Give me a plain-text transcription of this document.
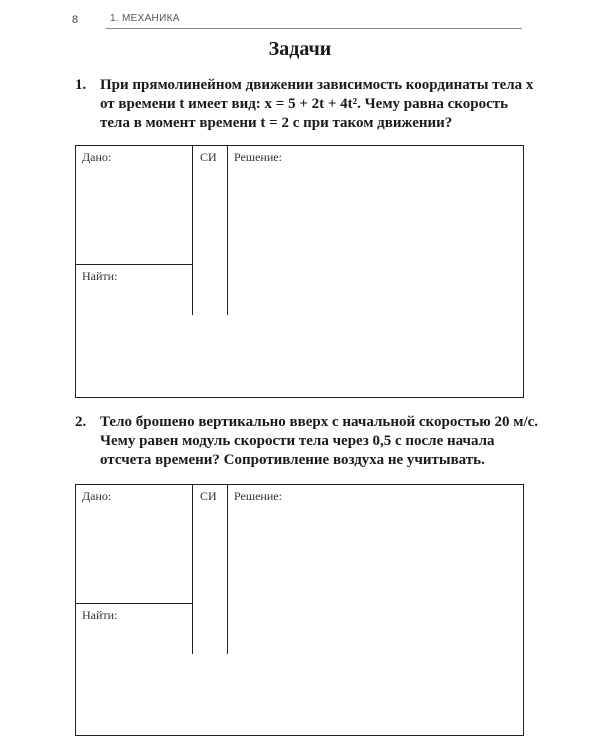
8	1. МЕХАНИКА
Задачи
1. При прямолинейном движении зависимость координаты тела x
от времени t имеет вид: x = 5 + 2t + 4t². Чему равна скорость
тела в момент времени t = 2 с при таком движении?
Дано:	СИ Решение:
Найти:
2. Тело брошено вертикально вверх с начальной скоростью 20 м/с.
Чему равен модуль скорости тела через 0,5 с после начала
отсчета времени? Сопротивление воздуха не учитывать.
Дано:	СИ Решение:
Найти:
